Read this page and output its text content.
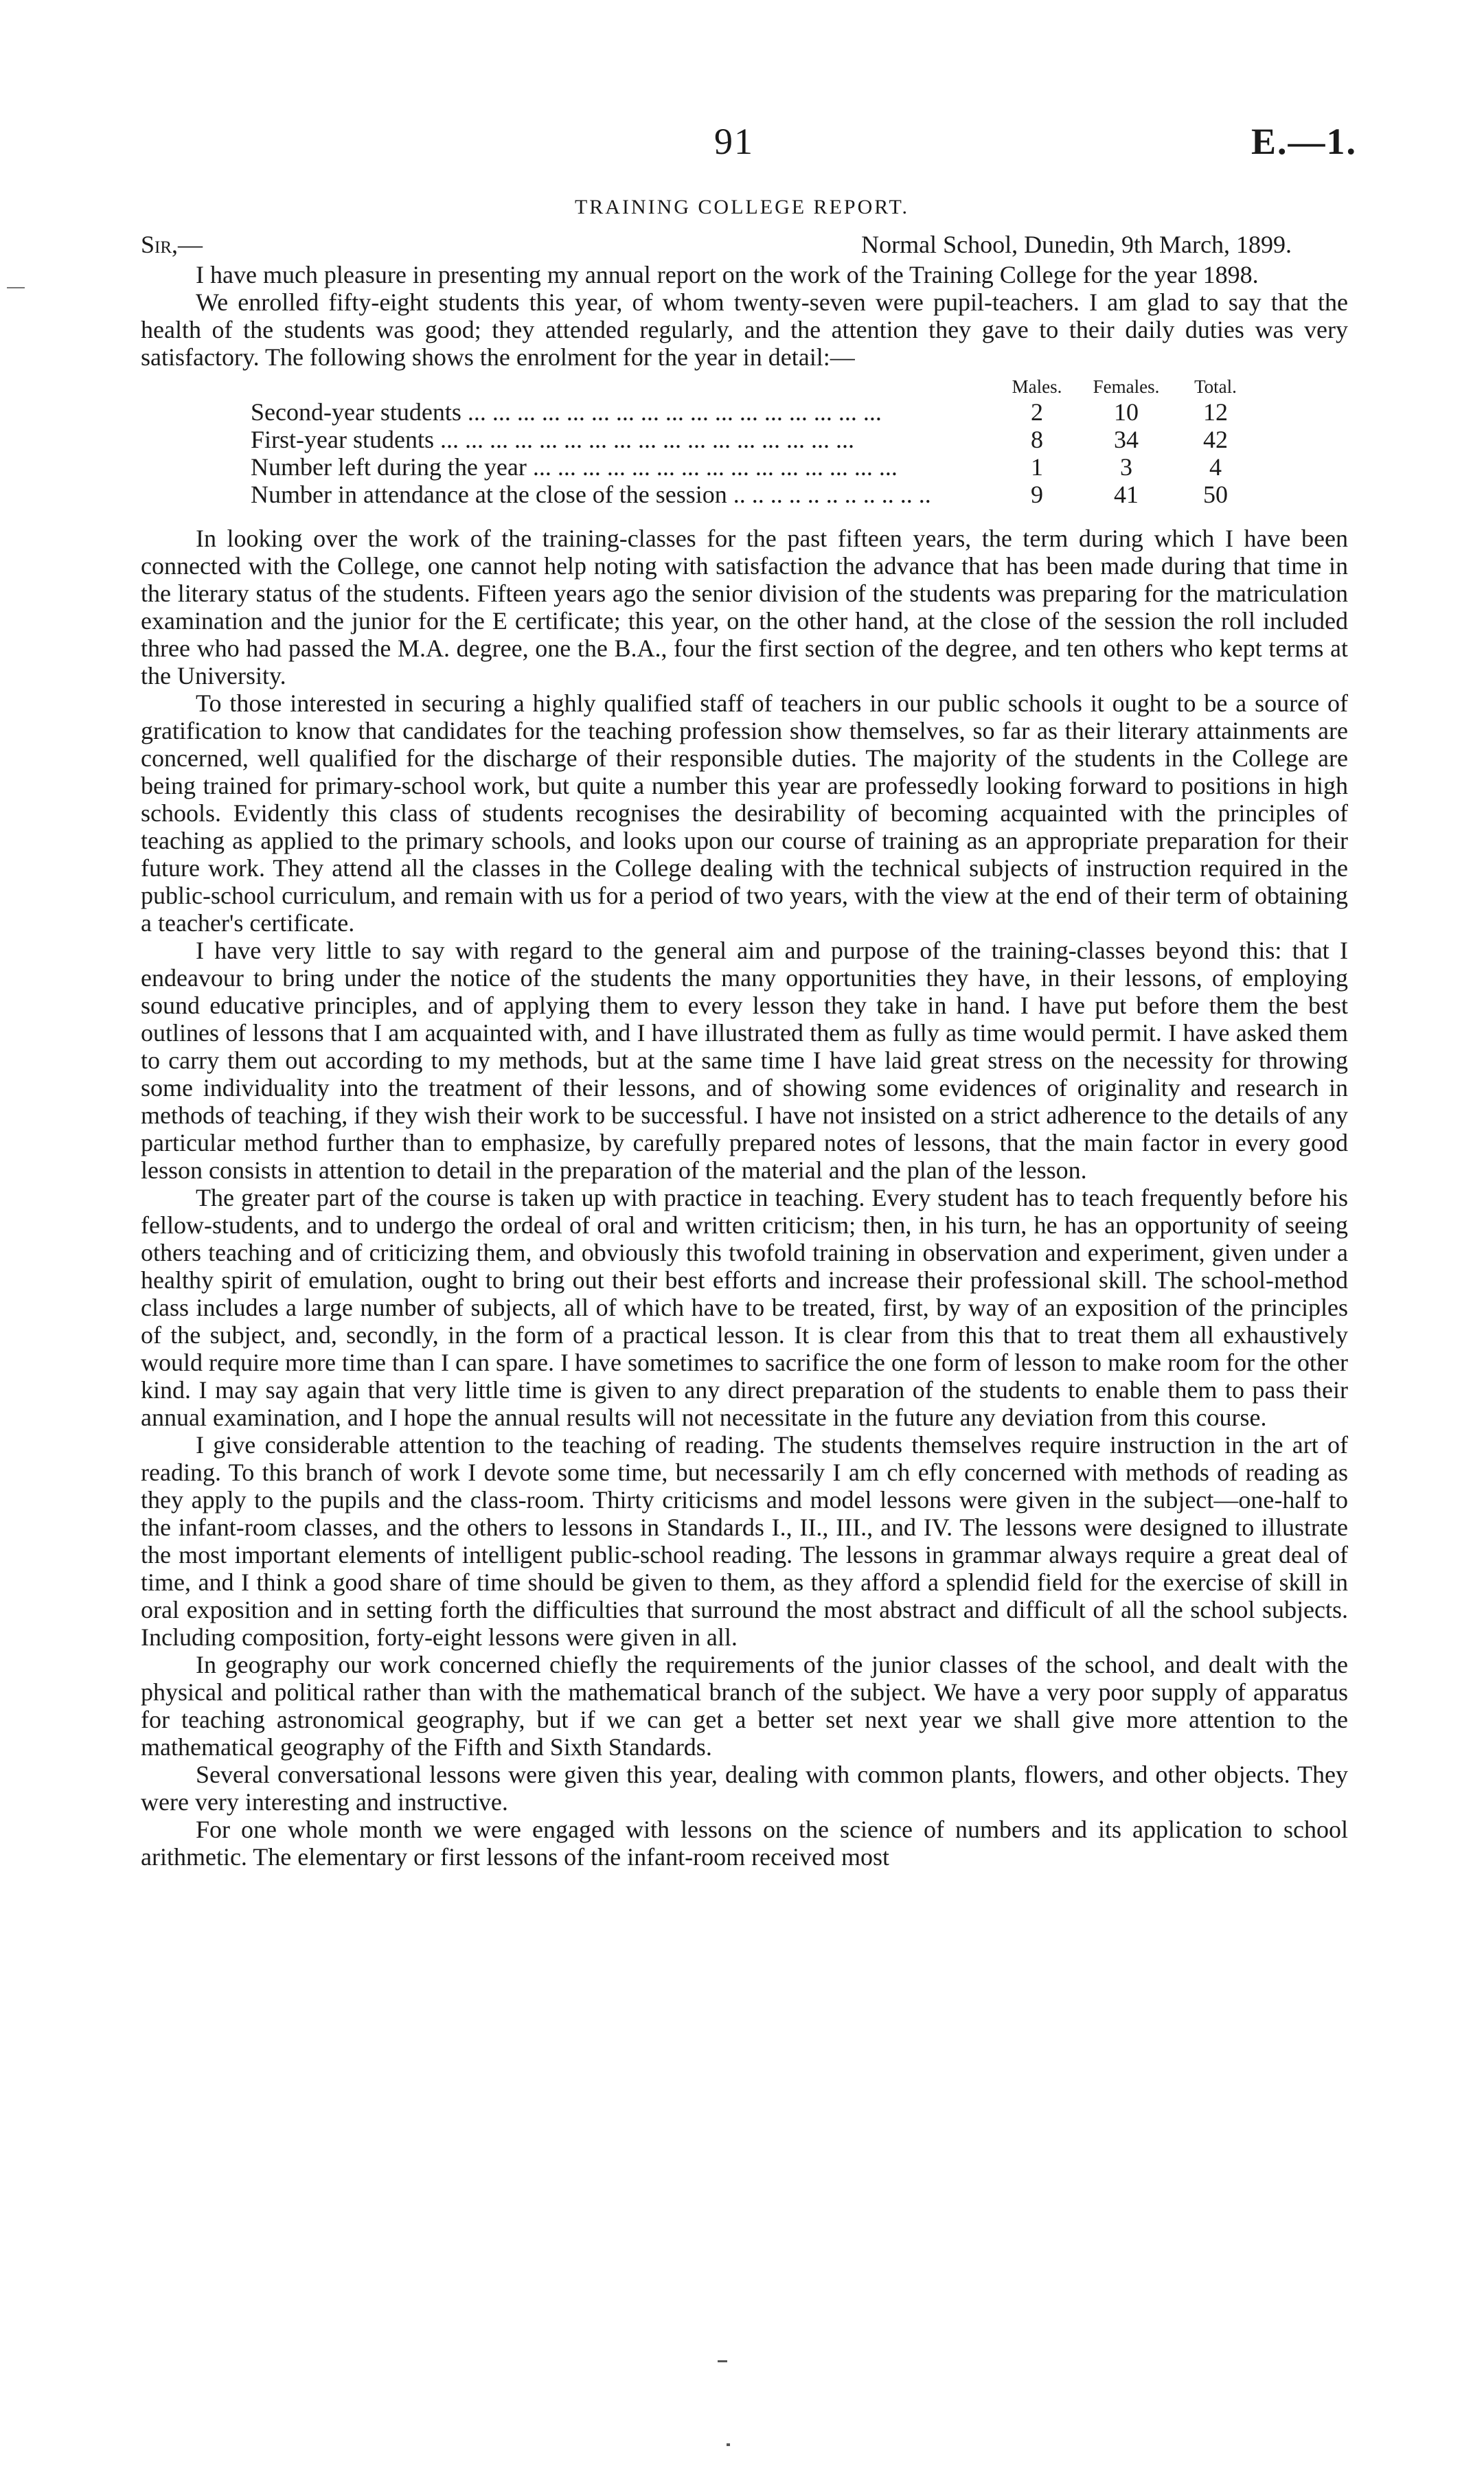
91	E.—1.
TRAINING COLLEGE REPORT.
Sir,—	Normal School, Dunedin, 9th March, 1899.

I have much pleasure in presenting my annual report on the work of the Training College for the year 1898.

We enrolled fifty-eight students this year, of whom twenty-seven were pupil-teachers. I am glad to say that the health of the students was good; they attended regularly, and the attention they gave to their daily duties was very satisfactory. The following shows the enrolment for the year in detail:—

	Males.	Females.	Total.
Second-year students ... ... ... ... ... ... ... ... ... ... ... ... ... ... ... ... ...	2	10	12
First-year students ... ... ... ... ... ... ... ... ... ... ... ... ... ... ... ... ...	8	34	42
Number left during the year ... ... ... ... ... ... ... ... ... ... ... ... ... ... ...	1	3	4
Number in attendance at the close of the session .. .. .. .. .. .. .. .. .. .. ..	9	41	50

In looking over the work of the training-classes for the past fifteen years, the term during which I have been connected with the College, one cannot help noting with satisfaction the advance that has been made during that time in the literary status of the students. Fifteen years ago the senior division of the students was preparing for the matriculation examination and the junior for the E certificate; this year, on the other hand, at the close of the session the roll included three who had passed the M.A. degree, one the B.A., four the first section of the degree, and ten others who kept terms at the University.

To those interested in securing a highly qualified staff of teachers in our public schools it ought to be a source of gratification to know that candidates for the teaching profession show themselves, so far as their literary attainments are concerned, well qualified for the discharge of their responsible duties. The majority of the students in the College are being trained for primary-school work, but quite a number this year are professedly looking forward to positions in high schools. Evidently this class of students recognises the desirability of becoming acquainted with the principles of teaching as applied to the primary schools, and looks upon our course of training as an appropriate preparation for their future work. They attend all the classes in the College dealing with the technical subjects of instruction required in the public-school curriculum, and remain with us for a period of two years, with the view at the end of their term of obtaining a teacher's certificate.

I have very little to say with regard to the general aim and purpose of the training-classes beyond this: that I endeavour to bring under the notice of the students the many opportunities they have, in their lessons, of employing sound educative principles, and of applying them to every lesson they take in hand. I have put before them the best outlines of lessons that I am acquainted with, and I have illustrated them as fully as time would permit. I have asked them to carry them out according to my methods, but at the same time I have laid great stress on the necessity for throwing some individuality into the treatment of their lessons, and of showing some evidences of originality and research in methods of teaching, if they wish their work to be successful. I have not insisted on a strict adherence to the details of any particular method further than to emphasize, by carefully prepared notes of lessons, that the main factor in every good lesson consists in attention to detail in the preparation of the material and the plan of the lesson.

The greater part of the course is taken up with practice in teaching. Every student has to teach frequently before his fellow-students, and to undergo the ordeal of oral and written criticism; then, in his turn, he has an opportunity of seeing others teaching and of criticizing them, and obviously this twofold training in observation and experiment, given under a healthy spirit of emulation, ought to bring out their best efforts and increase their professional skill. The school-method class includes a large number of subjects, all of which have to be treated, first, by way of an exposition of the principles of the subject, and, secondly, in the form of a practical lesson. It is clear from this that to treat them all exhaustively would require more time than I can spare. I have sometimes to sacrifice the one form of lesson to make room for the other kind. I may say again that very little time is given to any direct preparation of the students to enable them to pass their annual examination, and I hope the annual results will not necessitate in the future any deviation from this course.

I give considerable attention to the teaching of reading. The students themselves require instruction in the art of reading. To this branch of work I devote some time, but necessarily I am ch efly concerned with methods of reading as they apply to the pupils and the class-room. Thirty criticisms and model lessons were given in the subject—one-half to the infant-room classes, and the others to lessons in Standards I., II., III., and IV. The lessons were designed to illustrate the most important elements of intelligent public-school reading. The lessons in grammar always require a great deal of time, and I think a good share of time should be given to them, as they afford a splendid field for the exercise of skill in oral exposition and in setting forth the difficulties that surround the most abstract and difficult of all the school subjects. Including composition, forty-eight lessons were given in all.

In geography our work concerned chiefly the requirements of the junior classes of the school, and dealt with the physical and political rather than with the mathematical branch of the subject. We have a very poor supply of apparatus for teaching astronomical geography, but if we can get a better set next year we shall give more attention to the mathematical geography of the Fifth and Sixth Standards.

Several conversational lessons were given this year, dealing with common plants, flowers, and other objects. They were very interesting and instructive.

For one whole month we were engaged with lessons on the science of numbers and its application to school arithmetic. The elementary or first lessons of the infant-room received most
